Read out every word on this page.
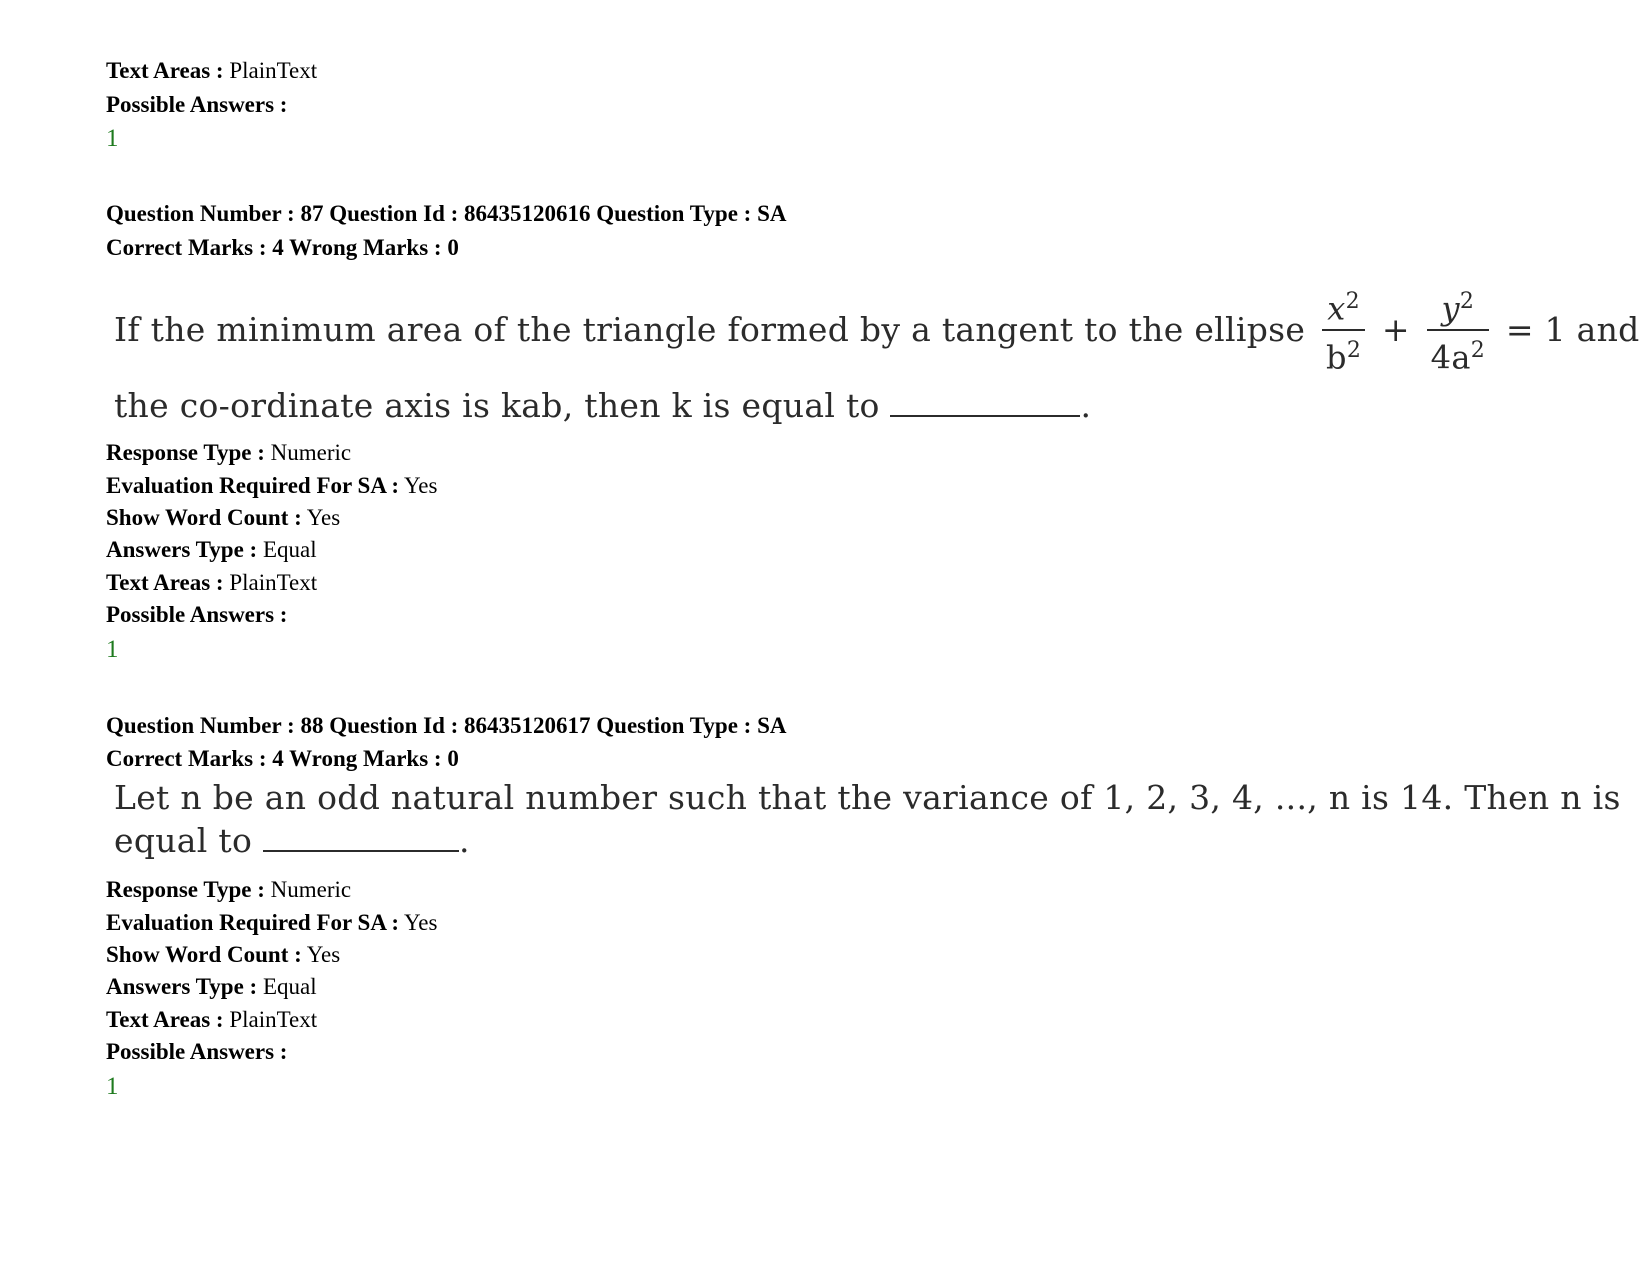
Text Areas : PlainText
Possible Answers :
1
Question Number : 87 Question Id : 86435120616 Question Type : SA
Correct Marks : 4 Wrong Marks : 0
If the minimum area of the triangle formed by a tangent to the ellipse $\frac{x^2}{b^2} + \frac{y^2}{4a^2} = 1$ and
the co-ordinate axis is kab, then k is equal to	.
Response Type : Numeric
Evaluation Required For SA : Yes
Show Word Count : Yes
Answers Type : Equal
Text Areas : PlainText
Possible Answers :
1
Question Number : 88 Question Id : 86435120617 Question Type : SA
Correct Marks : 4 Wrong Marks : 0
Let n be an odd natural number such that the variance of 1, 2, 3, 4, ..., n is 14. Then n is
equal to	.
Response Type : Numeric
Evaluation Required For SA : Yes
Show Word Count : Yes
Answers Type : Equal
Text Areas : PlainText
Possible Answers :
1
